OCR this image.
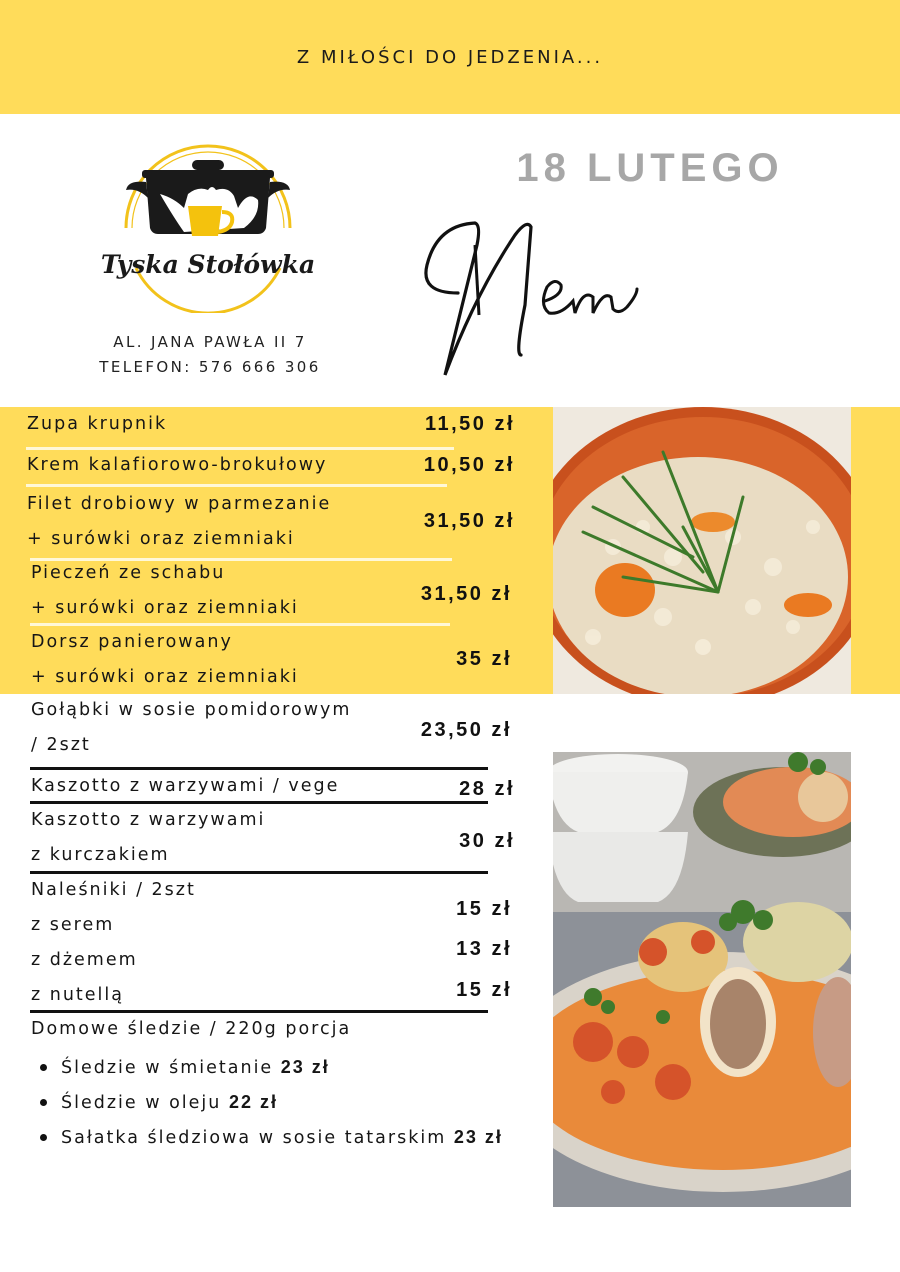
Z MIŁOŚCI DO JEDZENIA...
Tyska Stołówka
AL. JANA PAWŁA II 7
TELEFON: 576 666 306
18 LUTEGO
Menu
Zupa krupnik	11,50 zł
Krem kalafiorowo-brokułowy	10,50 zł
Filet drobiowy w parmezanie
+ surówki oraz ziemniaki
31,50 zł
Pieczeń ze schabu
+ surówki oraz ziemniaki
31,50 zł
Dorsz panierowany
+ surówki oraz ziemniaki
35 zł
Gołąbki w sosie pomidorowym
/ 2szt
23,50 zł
Kaszotto z warzywami / vege	28 zł
Kaszotto z warzywami
z kurczakiem
30 zł
Naleśniki / 2szt
z serem
15 zł
z dżemem	13 zł
z nutellą	15 zł
Domowe śledzie / 220g porcja
Śledzie w śmietanie
23 zł
Śledzie w oleju
22 zł
Sałatka śledziowa w sosie tatarskim
23 zł
